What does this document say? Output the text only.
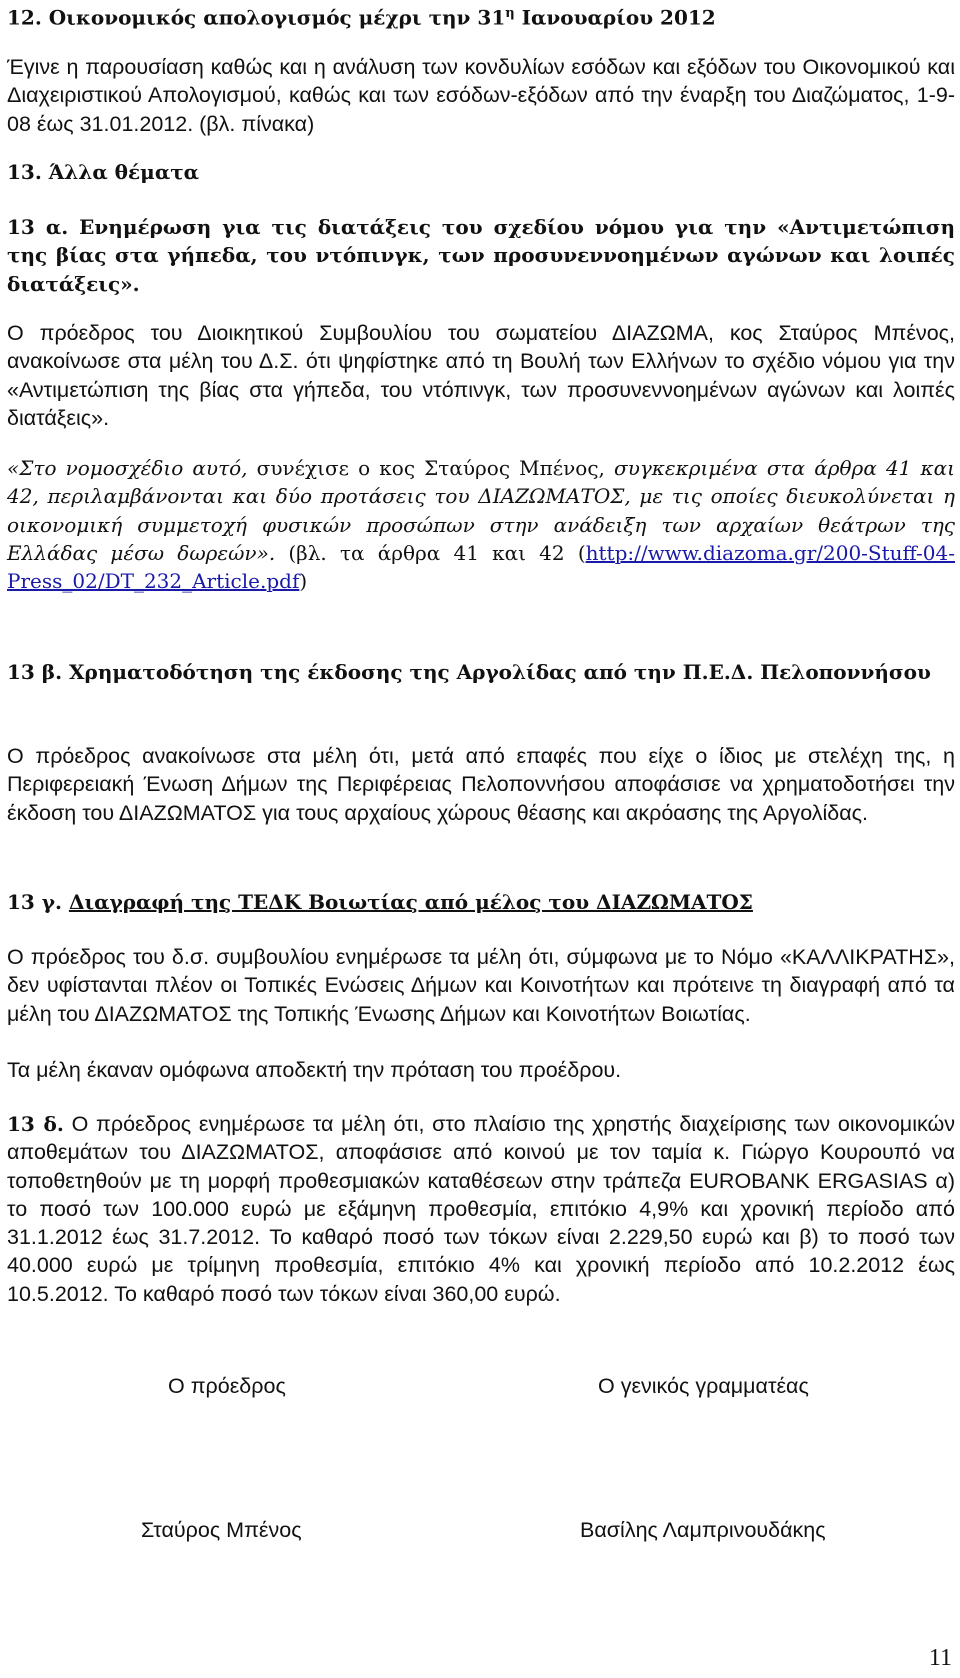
12. Οικονομικός απολογισμός μέχρι την $31^\eta$ Ιανουαρίου 2012

Έγινε η παρουσίαση καθώς και η ανάλυση των κονδυλίων εσόδων και εξόδων του Οικονομικού και Διαχειριστικού Απολογισμού, καθώς και των εσόδων-εξόδων από την έναρξη του Διαζώματος, 1-9-08 έως 31.01.2012. (βλ. πίνακα)

13. Άλλα θέματα

13 α. Ενημέρωση για τις διατάξεις του σχεδίου νόμου για την «Αντιμετώπιση της βίας στα γήπεδα, του ντόπινγκ, των προσυνεννοημένων αγώνων και λοιπές διατάξεις».

Ο πρόεδρος του Διοικητικού Συμβουλίου του σωματείου ΔΙΑΖΩΜΑ, κος Σταύρος Μπένος, ανακοίνωσε στα μέλη του Δ.Σ. ότι ψηφίστηκε από τη Βουλή των Ελλήνων το σχέδιο νόμου για την «Αντιμετώπιση της βίας στα γήπεδα, του ντόπινγκ, των προσυνεννοημένων αγώνων και λοιπές διατάξεις».

«Στο νομοσχέδιο αυτό, συνέχισε ο κος Σταύρος Μπένος, συγκεκριμένα στα άρθρα 41 και 42, περιλαμβάνονται και δύο προτάσεις του ΔΙΑΖΩΜΑΤΟΣ, με τις οποίες διευκολύνεται η οικονομική συμμετοχή φυσικών προσώπων στην ανάδειξη των αρχαίων θεάτρων της Ελλάδας μέσω δωρεών». (βλ. τα άρθρα 41 και 42 (http://www.diazoma.gr/200-Stuff-04-Press_02/DT_232_Article.pdf)

13 β. Χρηματοδότηση της έκδοσης της Αργολίδας από την Π.Ε.Δ. Πελοποννήσου

Ο πρόεδρος ανακοίνωσε στα μέλη ότι, μετά από επαφές που είχε ο ίδιος με στελέχη της, η Περιφερειακή Ένωση Δήμων της Περιφέρειας Πελοποννήσου αποφάσισε να χρηματοδοτήσει την έκδοση του ΔΙΑΖΩΜΑΤΟΣ για τους αρχαίους χώρους θέασης και ακρόασης της Αργολίδας.

13 γ. Διαγραφή της ΤΕΔΚ Βοιωτίας από μέλος του ΔΙΑΖΩΜΑΤΟΣ

Ο πρόεδρος του δ.σ. συμβουλίου ενημέρωσε τα μέλη ότι, σύμφωνα με το Νόμο «ΚΑΛΛΙΚΡΑΤΗΣ», δεν υφίστανται πλέον οι Τοπικές Ενώσεις Δήμων και Κοινοτήτων και πρότεινε τη διαγραφή από τα μέλη του ΔΙΑΖΩΜΑΤΟΣ της Τοπικής Ένωσης Δήμων και Κοινοτήτων Βοιωτίας.

Τα μέλη έκαναν ομόφωνα αποδεκτή την πρόταση του προέδρου.

13 δ. Ο πρόεδρος ενημέρωσε τα μέλη ότι, στο πλαίσιο της χρηστής διαχείρισης των οικονομικών αποθεμάτων του ΔΙΑΖΩΜΑΤΟΣ, αποφάσισε από κοινού με τον ταμία κ. Γιώργο Κουρουπό να τοποθετηθούν με τη μορφή προθεσμιακών καταθέσεων στην τράπεζα EUROBANK ERGASIAS α) το ποσό των 100.000 ευρώ με εξάμηνη προθεσμία, επιτόκιο 4,9% και χρονική περίοδο από 31.1.2012 έως 31.7.2012. Το καθαρό ποσό των τόκων είναι 2.229,50 ευρώ και β) το ποσό των 40.000 ευρώ με τρίμηνη προθεσμία, επιτόκιο 4% και χρονική περίοδο από 10.2.2012 έως 10.5.2012. Το καθαρό ποσό των τόκων είναι 360,00 ευρώ.

Ο πρόεδρος	Ο γενικός γραμματέας
Σταύρος Μπένος	Βασίλης Λαμπρινουδάκης
11
